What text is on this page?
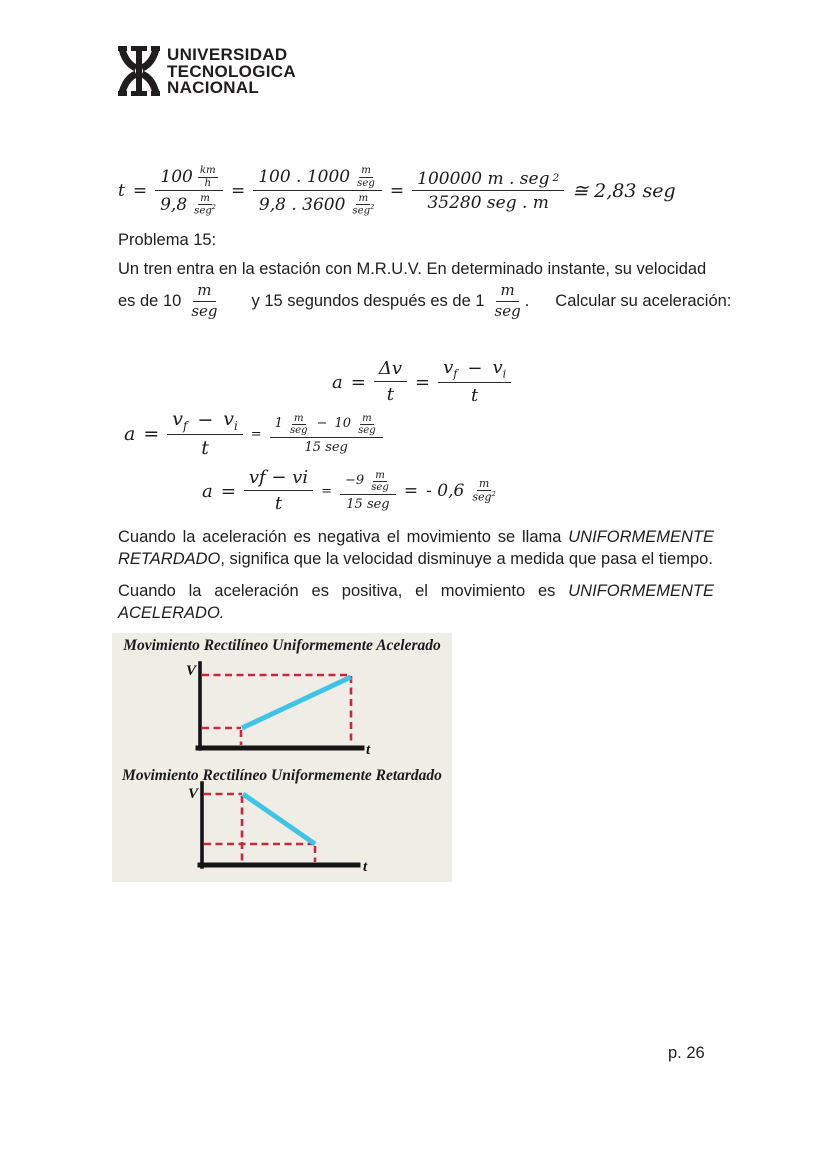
UNIVERSIDAD
TECNOLOGICA
NACIONAL
t = 100 km
h
9,8 m
seg$^2$ = 100 . 1000 m
seg
9,8 . 3600 m
$seg^2 = \frac{\text{100000 m . seg 2}}{\text{35280 seg . m}}$ ≅ 2,83 seg
Problema 15:
Un tren entra en la estación con M.R.U.V. En determinado instante, su velocidad
es de $10 \frac{m}{\text{seg}}$ y 15 segundos después es de $1 \frac{m}{\text{seg}}$ . Calcular su aceleración:
$a = \frac{\Delta v}{t} = \frac{v_f - v_i}{t}$
$a = \frac{v_f - v_i}{t}$ =
1 m
seg − 10 m
seg
15 seg
$a = \frac{vf - vi}{t} = -9$ m
seg
15 seg = - 0,6 m
seg$^2$
Cuando la aceleración es negativa el movimiento se llama UNIFORMEMENTE RETARDADO, significa que la velocidad disminuye a medida que pasa el tiempo.
Cuando la aceleración es positiva, el movimiento es UNIFORMEMENTE ACELERADO.
Movimiento Rectilíneo Uniformemente Acelerado
V
t
Movimiento Rectilíneo Uniformemente Retardado
V
t
p. 26
